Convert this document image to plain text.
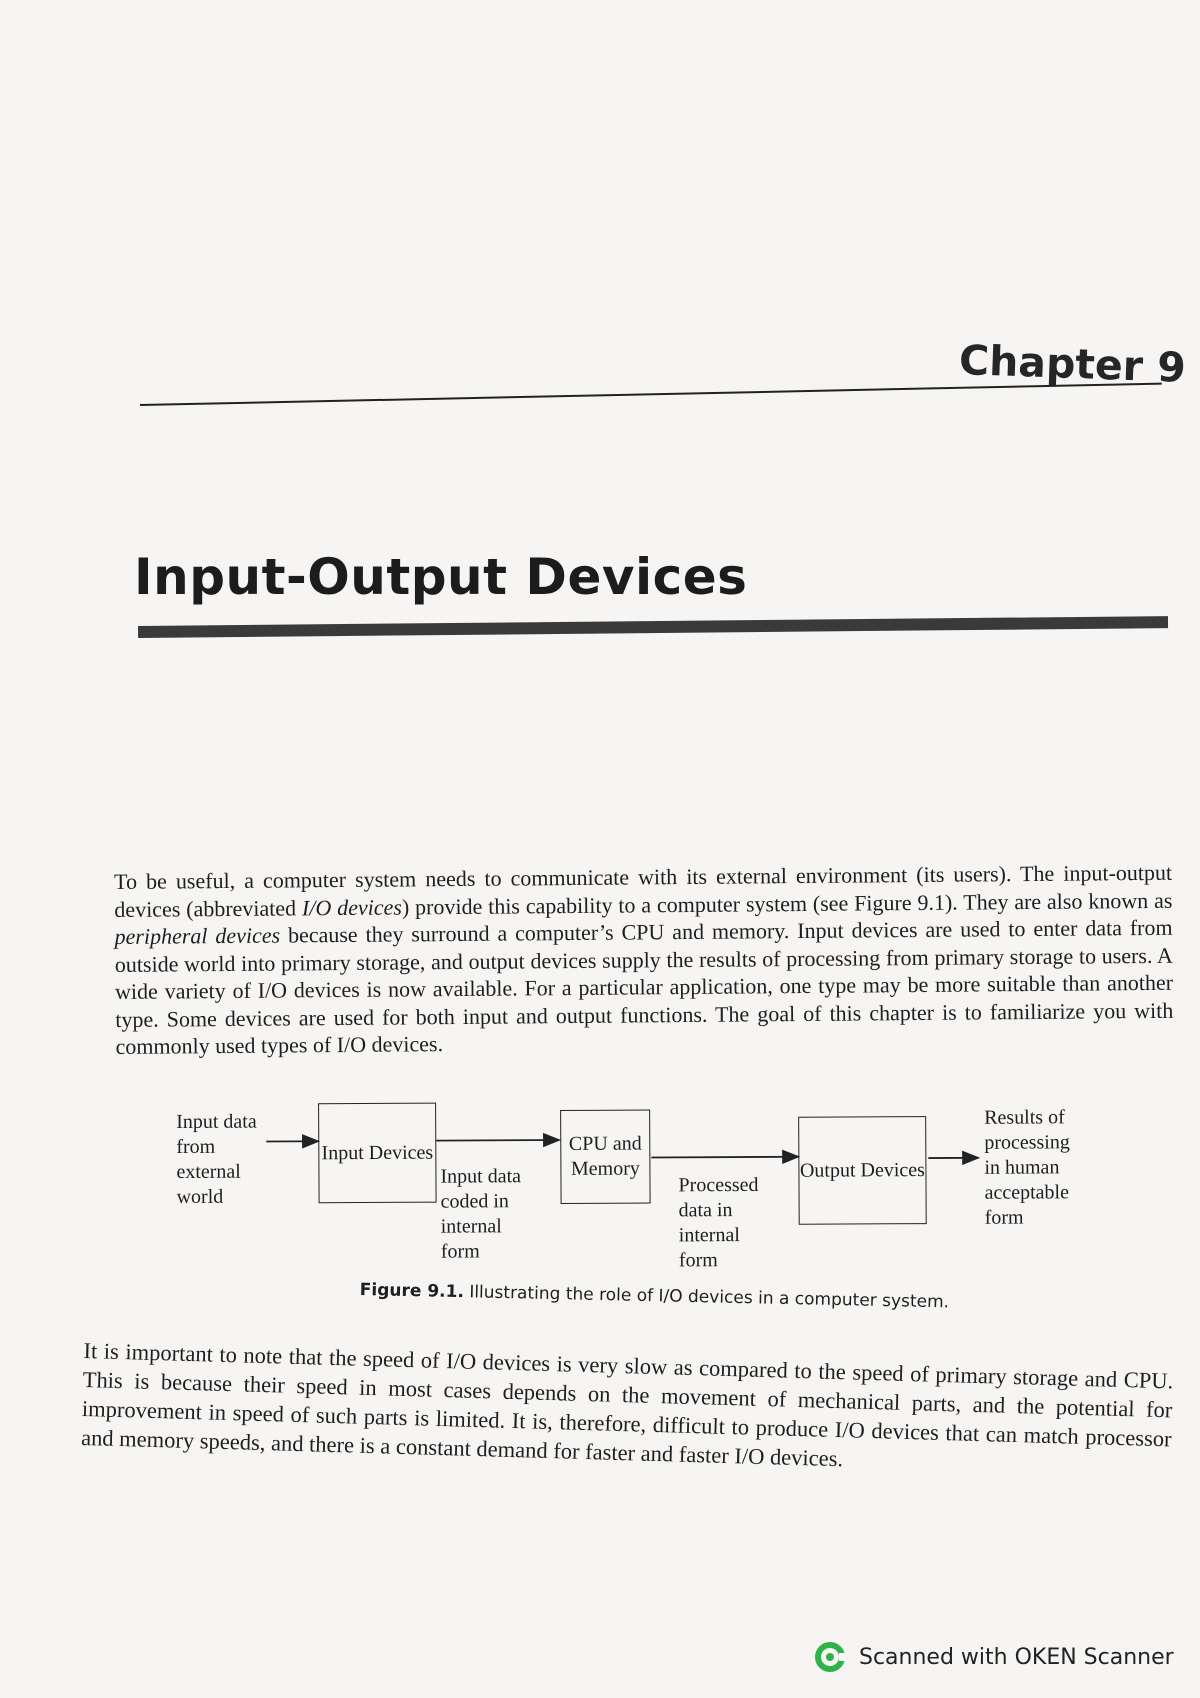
Chapter 9
Input-Output Devices

To be useful, a computer system needs to communicate with its external environment (its users). The input-output devices (abbreviated I/O devices) provide this capability to a computer system (see Figure 9.1). They are also known as peripheral devices because they surround a computer’s CPU and memory. Input devices are used to enter data from outside world into primary storage, and output devices supply the results of processing from primary storage to users. A wide variety of I/O devices is now available. For a particular application, one type may be more suitable than another type. Some devices are used for both input and output functions. The goal of this chapter is to familiarize you with commonly used types of I/O devices.

Input data from external world
Input Devices
Input data coded in internal form
CPU and Memory
Processed data in internal form
Output Devices
Results of processing in human acceptable form

Figure 9.1. Illustrating the role of I/O devices in a computer system.

It is important to note that the speed of I/O devices is very slow as compared to the speed of primary storage and CPU. This is because their speed in most cases depends on the movement of mechanical parts, and the potential for improvement in speed of such parts is limited. It is, therefore, difficult to produce I/O devices that can match processor and memory speeds, and there is a constant demand for faster and faster I/O devices.

Scanned with OKEN Scanner
